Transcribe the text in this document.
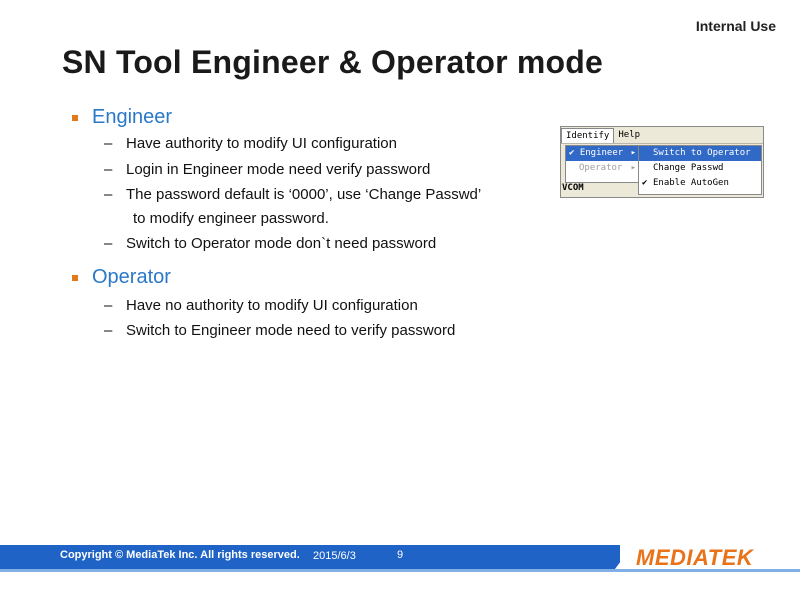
Internal Use
SN Tool Engineer & Operator mode
Engineer
– Have authority to modify UI configuration
– Login in Engineer mode need verify password
– The password default is ‘0000’, use ‘Change Passwd’
to modify engineer password.
– Switch to Operator mode don`t need password
Operator
– Have no authority to modify UI configuration
– Switch to Engineer mode need to verify password
Identify	Help
✔ Engineer ▸
Operator ▸
Switch to Operator
Change Passwd
✔ Enable AutoGen
VCOM
Copyright © MediaTek Inc. All rights reserved. 2015/6/3	9	MEDIATEK
